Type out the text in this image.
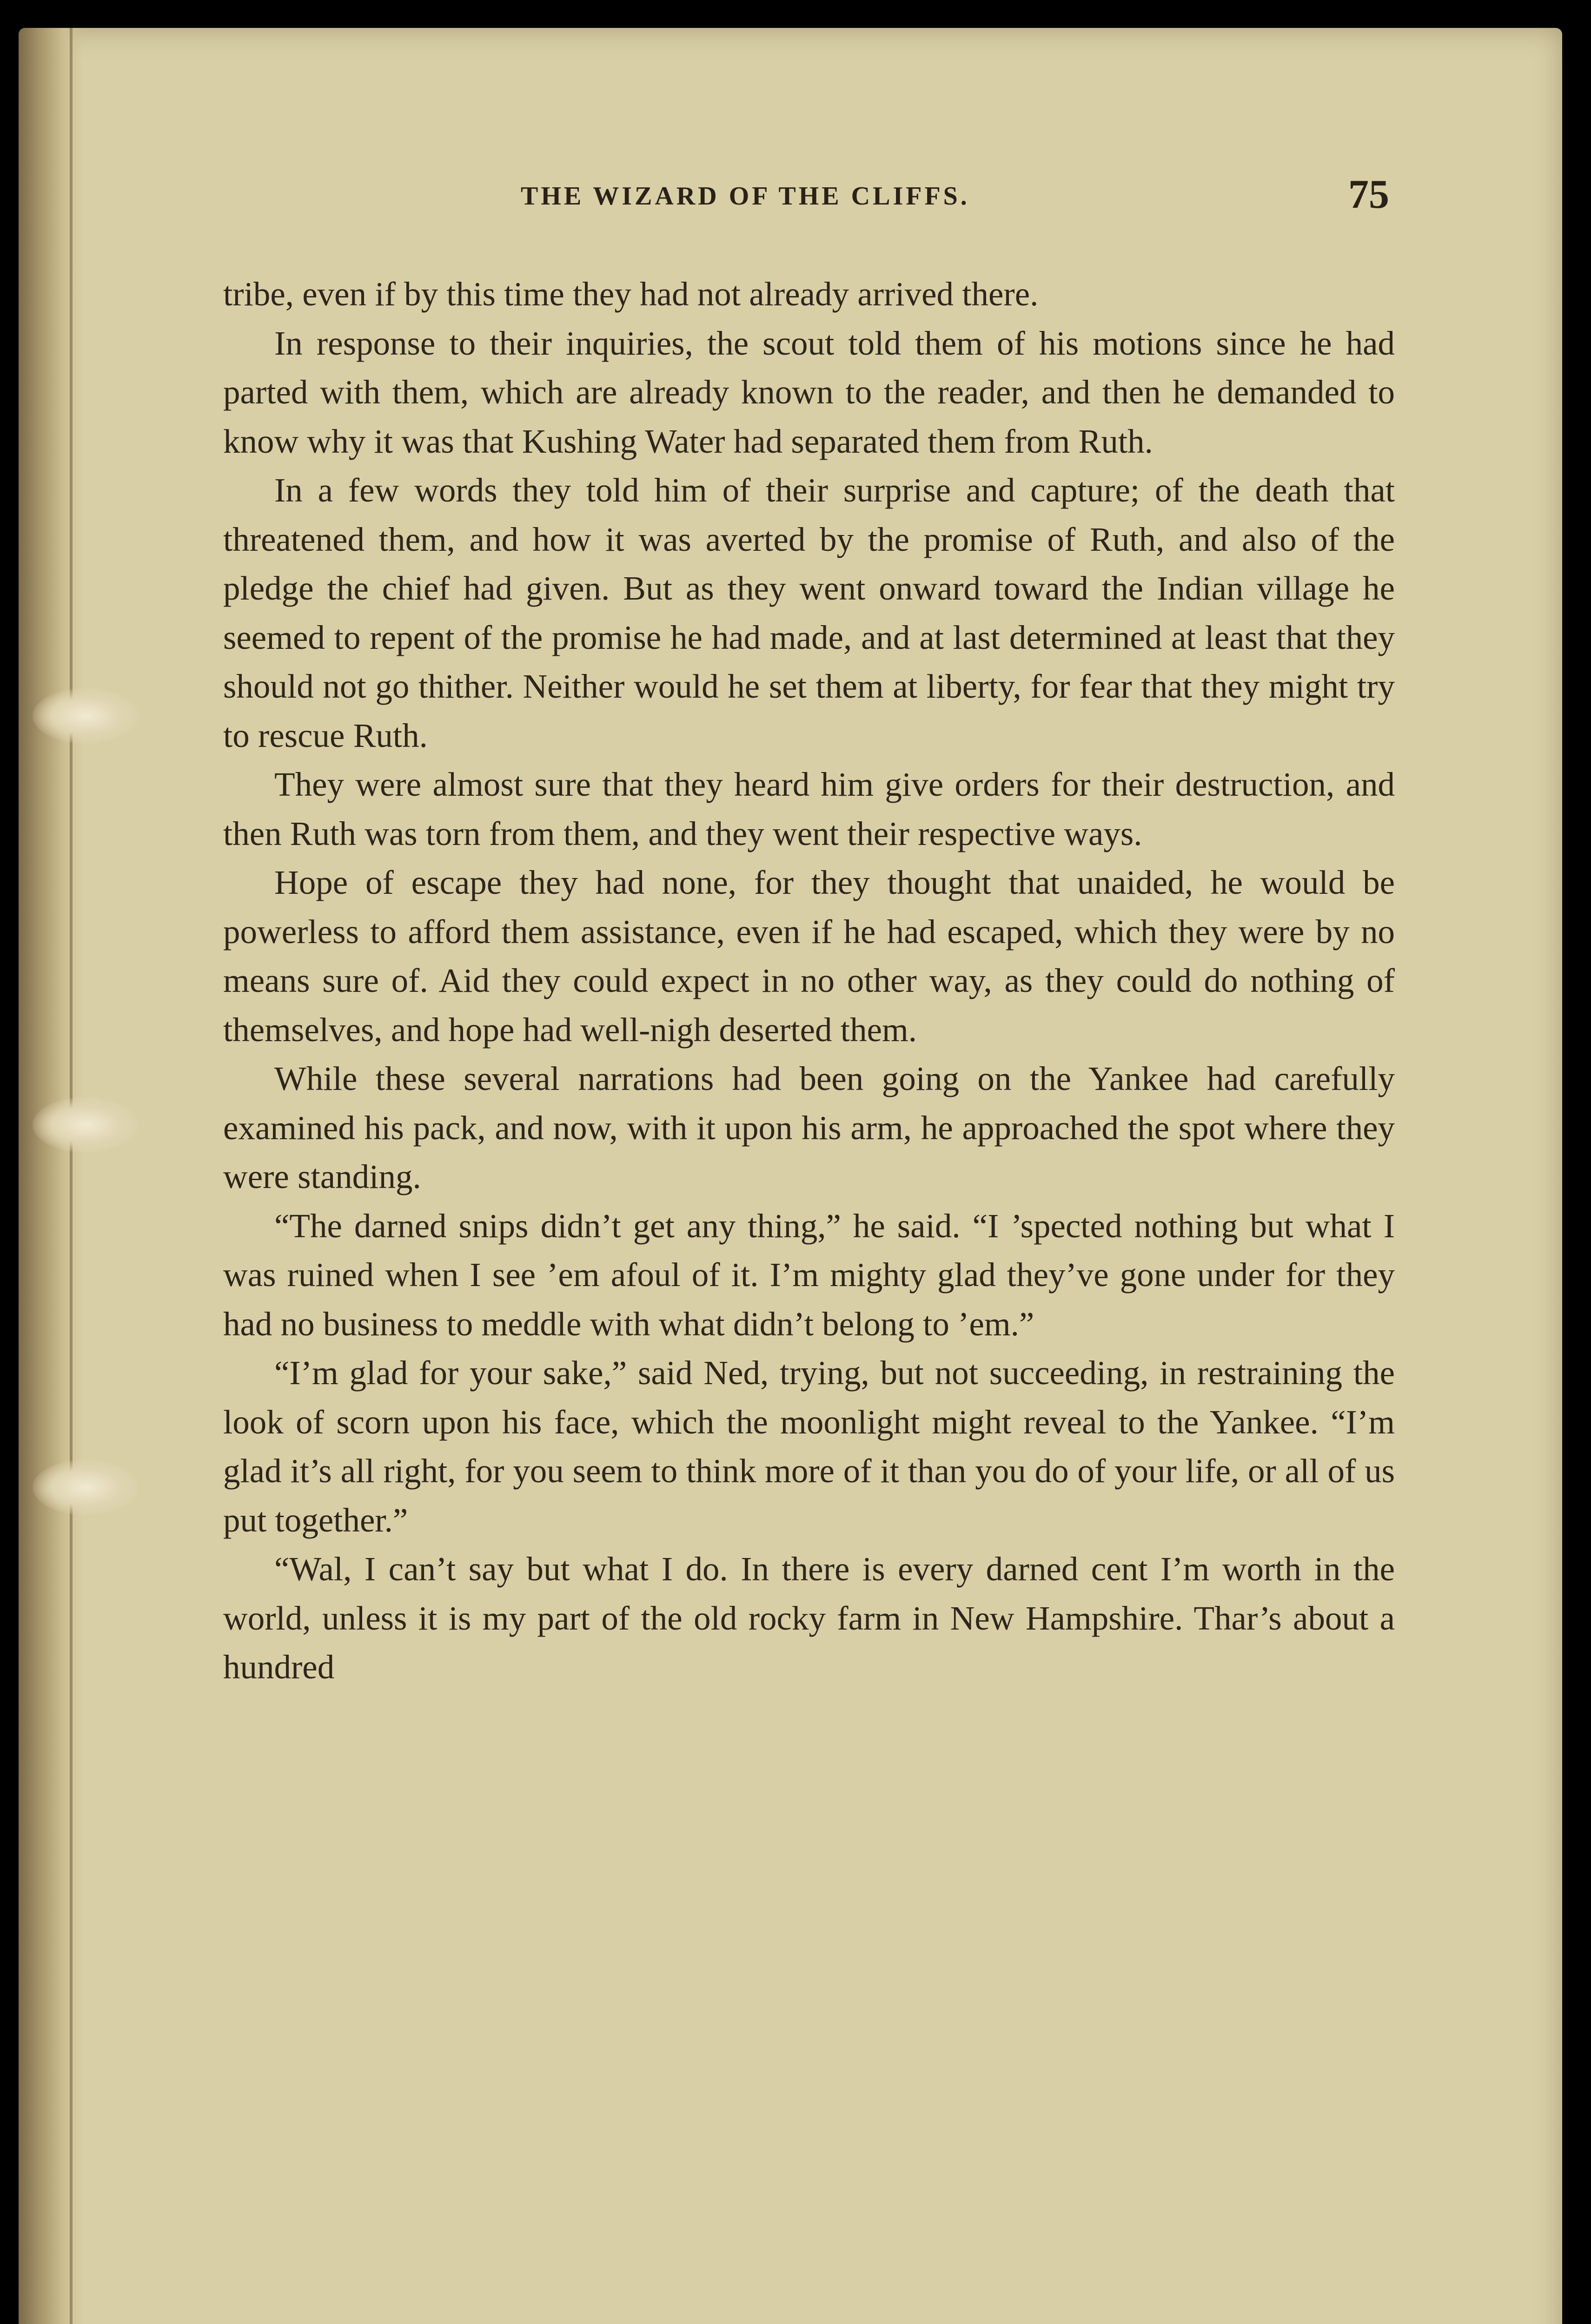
THE WIZARD OF THE CLIFFS.	75

tribe, even if by this time they had not already arrived there.

In response to their inquiries, the scout told them of his motions since he had parted with them, which are already known to the reader, and then he demanded to know why it was that Kushing Water had separated them from Ruth.

In a few words they told him of their surprise and capture; of the death that threatened them, and how it was averted by the promise of Ruth, and also of the pledge the chief had given. But as they went onward toward the Indian village he seemed to repent of the promise he had made, and at last determined at least that they should not go thither. Neither would he set them at liberty, for fear that they might try to rescue Ruth.

They were almost sure that they heard him give orders for their destruction, and then Ruth was torn from them, and they went their respective ways.

Hope of escape they had none, for they thought that unaided, he would be powerless to afford them assistance, even if he had escaped, which they were by no means sure of. Aid they could expect in no other way, as they could do nothing of themselves, and hope had well-nigh deserted them.

While these several narrations had been going on the Yankee had carefully examined his pack, and now, with it upon his arm, he approached the spot where they were standing.

“The darned snips didn’t get any thing,” he said. “I ’spected nothing but what I was ruined when I see ’em afoul of it. I’m mighty glad they’ve gone under for they had no business to meddle with what didn’t belong to ’em.”

“I’m glad for your sake,” said Ned, trying, but not succeeding, in restraining the look of scorn upon his face, which the moonlight might reveal to the Yankee. “I’m glad it’s all right, for you seem to think more of it than you do of your life, or all of us put together.”

“Wal, I can’t say but what I do. In there is every darned cent I’m worth in the world, unless it is my part of the old rocky farm in New Hampshire. Thar’s about a hundred
